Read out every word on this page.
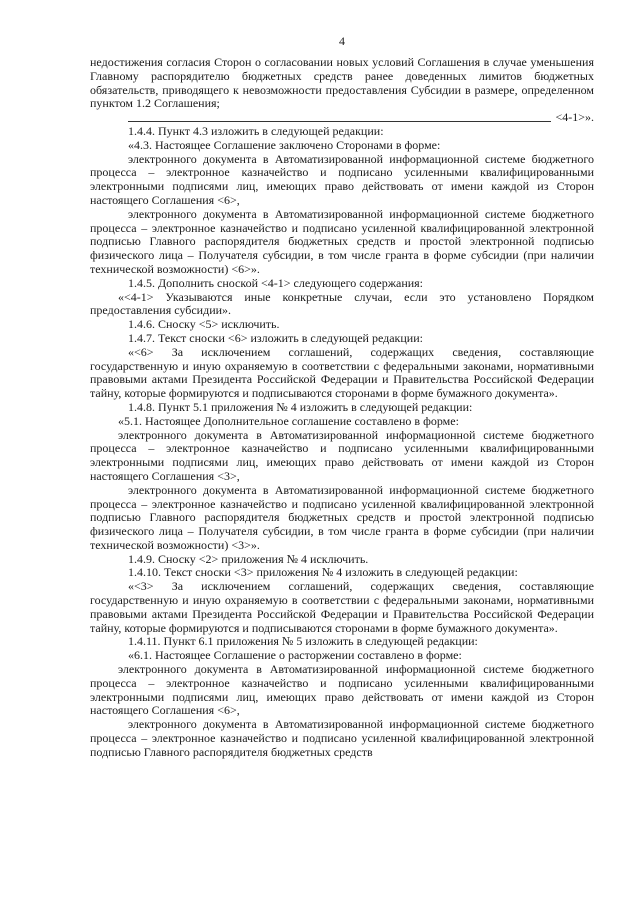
4

недостижения согласия Сторон о согласовании новых условий Соглашения в случае уменьшения Главному распорядителю бюджетных средств ранее доведенных лимитов бюджетных обязательств, приводящего к невозможности предоставления Субсидии в размере, определенном пунктом 1.2 Соглашения;

<4-1>».

1.4.4. Пункт 4.3 изложить в следующей редакции:

«4.3. Настоящее Соглашение заключено Сторонами в форме:

электронного документа в Автоматизированной информационной системе бюджетного процесса – электронное казначейство и подписано усиленными квалифицированными электронными подписями лиц, имеющих право действовать от имени каждой из Сторон настоящего Соглашения <6>,

электронного документа в Автоматизированной информационной системе бюджетного процесса – электронное казначейство и подписано усиленной квалифицированной электронной подписью Главного распорядителя бюджетных средств и простой электронной подписью физического лица – Получателя субсидии, в том числе гранта в форме субсидии (при наличии технической возможности) <6>».

1.4.5. Дополнить сноской <4-1> следующего содержания:

«<4-1> Указываются иные конкретные случаи, если это установлено Порядком предоставления субсидии».

1.4.6. Сноску <5> исключить.

1.4.7. Текст сноски <6> изложить в следующей редакции:

«<6> За исключением соглашений, содержащих сведения, составляющие государственную и иную охраняемую в соответствии с федеральными законами, нормативными правовыми актами Президента Российской Федерации и Правительства Российской Федерации тайну, которые формируются и подписываются сторонами в форме бумажного документа».

1.4.8. Пункт 5.1 приложения № 4 изложить в следующей редакции:

«5.1. Настоящее Дополнительное соглашение составлено в форме:

электронного документа в Автоматизированной информационной системе бюджетного процесса – электронное казначейство и подписано усиленными квалифицированными электронными подписями лиц, имеющих право действовать от имени каждой из Сторон настоящего Соглашения <3>,

электронного документа в Автоматизированной информационной системе бюджетного процесса – электронное казначейство и подписано усиленной квалифицированной электронной подписью Главного распорядителя бюджетных средств и простой электронной подписью физического лица – Получателя субсидии, в том числе гранта в форме субсидии (при наличии технической возможности) <3>».

1.4.9. Сноску <2> приложения № 4 исключить.

1.4.10. Текст сноски <3> приложения № 4 изложить в следующей редакции:

«<3> За исключением соглашений, содержащих сведения, составляющие государственную и иную охраняемую в соответствии с федеральными законами, нормативными правовыми актами Президента Российской Федерации и Правительства Российской Федерации тайну, которые формируются и подписываются сторонами в форме бумажного документа».

1.4.11. Пункт 6.1 приложения № 5 изложить в следующей редакции:

«6.1. Настоящее Соглашение о расторжении составлено в форме:

электронного документа в Автоматизированной информационной системе бюджетного процесса – электронное казначейство и подписано усиленными квалифицированными электронными подписями лиц, имеющих право действовать от имени каждой из Сторон настоящего Соглашения <6>,

электронного документа в Автоматизированной информационной системе бюджетного процесса – электронное казначейство и подписано усиленной квалифицированной электронной подписью Главного распорядителя бюджетных средств
